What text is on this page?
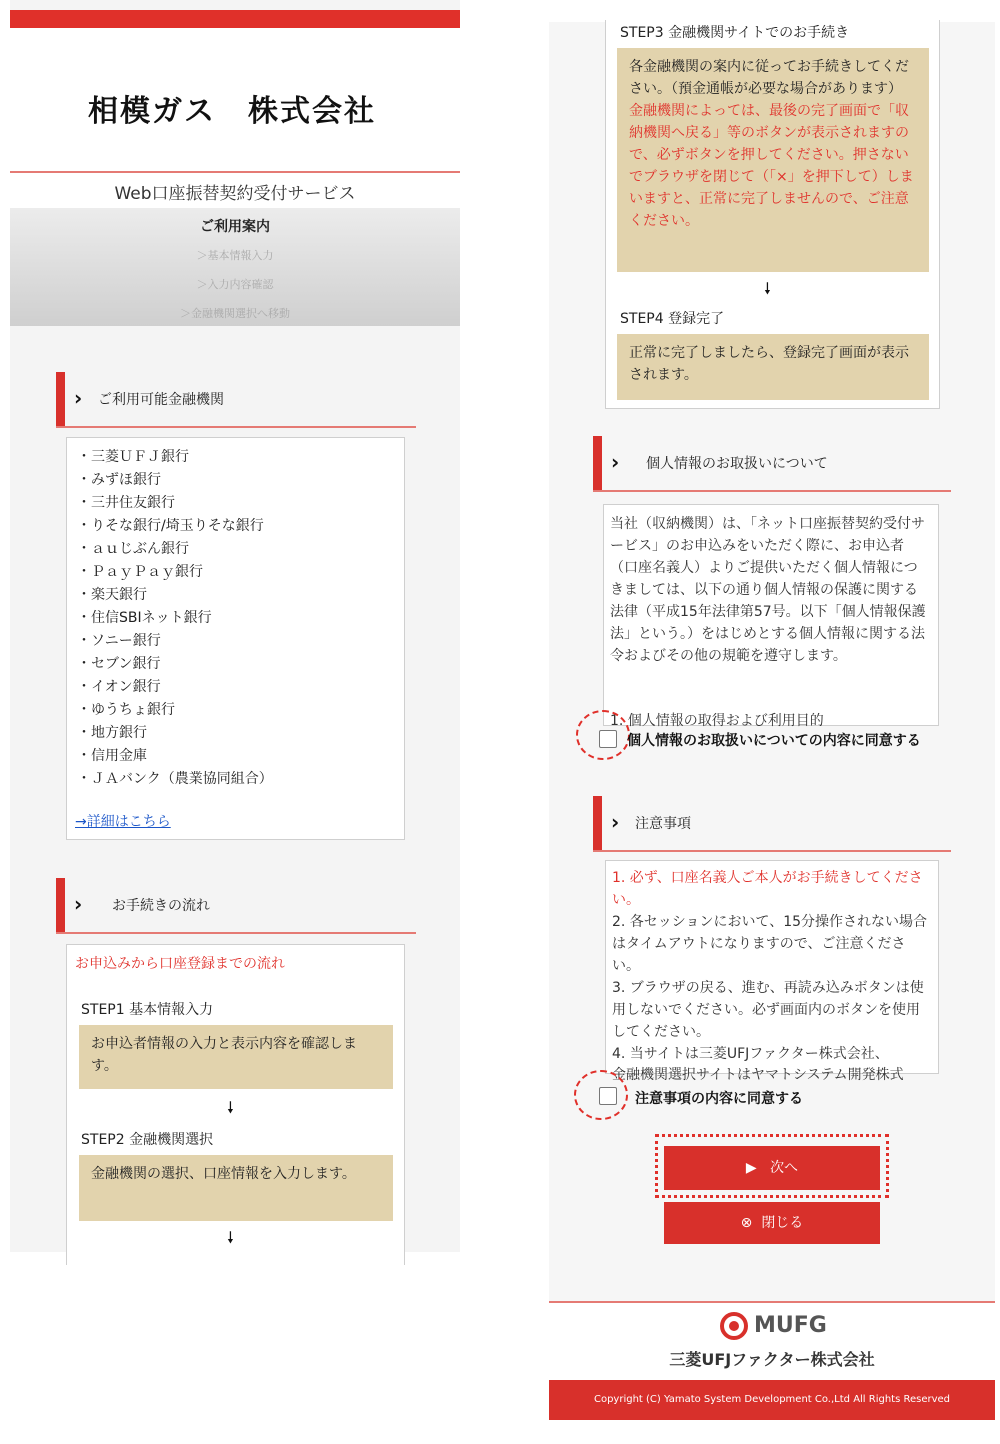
相模ガス　株式会社
Web口座振替契約受付サービス
ご利用案内
＞基本情報入力
＞入力内容確認
＞金融機関選択へ移動
› ご利用可能金融機関
・ 三菱ＵＦＪ銀行
・ みずほ銀行
・ 三井住友銀行
・ りそな銀行/埼玉りそな銀行
・ ａｕじぶん銀行
・ ＰａｙＰａｙ銀行
・ 楽天銀行
・ 住信SBIネット銀行
・ ソニー銀行
・ セブン銀行
・ イオン銀行
・ ゆうちょ銀行
・ 地方銀行
・ 信用金庫
・ ＪＡバンク（農業協同組合）
→詳細はこちら
› お手続きの流れ
お申込みから口座登録までの流れ
STEP1 基本情報入力
お申込者情報の入力と表示内容を確認します。
🠗
STEP2 金融機関選択
金融機関の選択、口座情報を入力します。
🠗
STEP3 金融機関サイトでのお手続き
各金融機関の案内に従ってお手続きしてください。（預金通帳が必要な場合があります）
金融機関によっては、最後の完了画面で「収納機関へ戻る」等のボタンが表示されますので、必ずボタンを押してください。押さないでブラウザを閉じて（「×」を押下して）しまいますと、正常に完了しませんので、ご注意ください。
🠗
STEP4 登録完了
正常に完了しましたら、登録完了画面が表示されます。
› 個人情報のお取扱いについて
当社（収納機関）は、「ネット口座振替契約受付サービス」のお申込みをいただく際に、お申込者（口座名義人）よりご提供いただく個人情報につきましては、以下の通り個人情報の保護に関する法律（平成15年法律第57号。以下「個人情報保護法」という。）をはじめとする個人情報に関する法令およびその他の規範を遵守します。
1. 個人情報の取得および利用目的
個人情報のお取扱いについての内容に同意する
› 注意事項
1. 必ず、口座名義人ご本人がお手続きしてください。
2. 各セッションにおいて、15分操作されない場合はタイムアウトになりますので、ご注意ください。
3. ブラウザの戻る、進む、再読み込みボタンは使用しないでください。必ず画面内のボタンを使用してください。
4. 当サイトは三菱UFJファクター株式会社、
金融機関選択サイトはヤマトシステム開発株式
注意事項の内容に同意する
▶ 次へ
⊗ 閉じる
MUFG
三菱UFJファクター株式会社
Copyright (C) Yamato System Development Co.,Ltd All Rights Reserved
